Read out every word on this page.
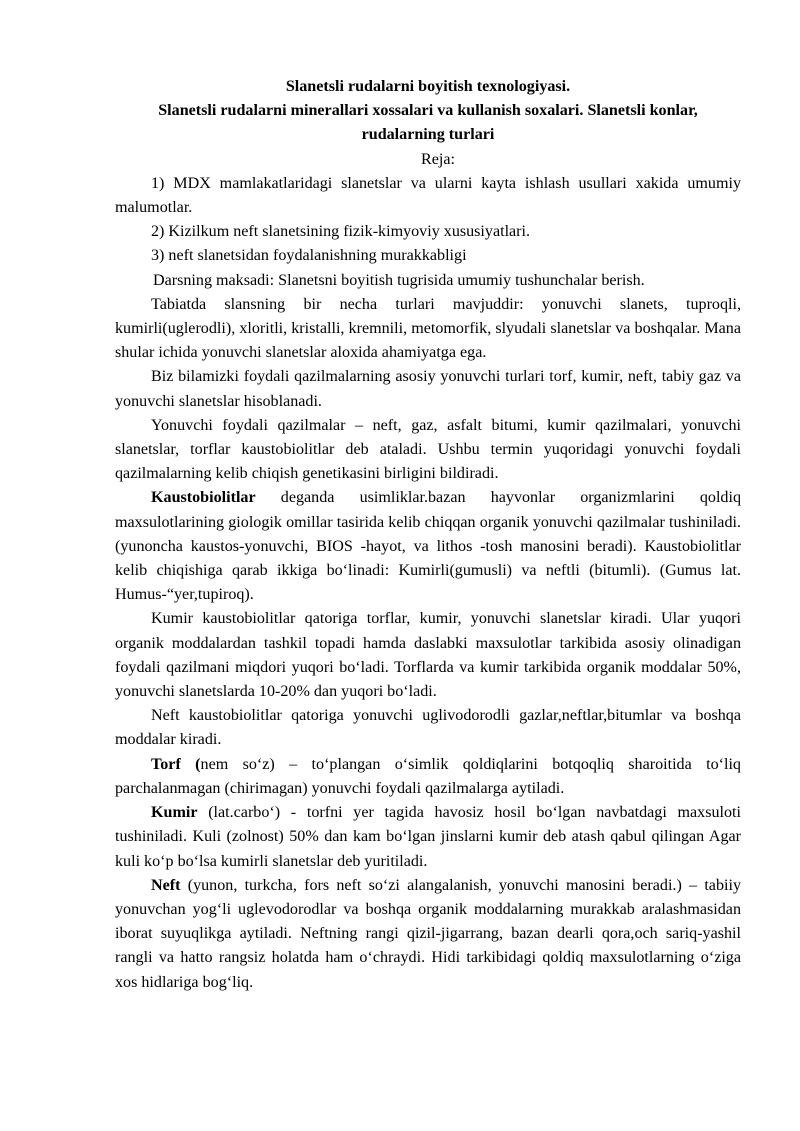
Slanetsli rudalarni boyitish texnologiyasi.
Slanetsli rudalarni minerallari xossalari va kullanish soxalari. Slanetsli konlar, rudalarning turlari

Reja:

1) MDX mamlakatlaridagi slanetslar va ularni kayta ishlash usullari xakida umumiy malumotlar.

2) Kizilkum neft slanetsining fizik-kimyoviy xususiyatlari.

3) neft slanetsidan foydalanishning murakkabligi

Darsning maksadi: Slanetsni boyitish tugrisida umumiy tushunchalar berish.

Tabiatda slansning bir necha turlari mavjuddir: yonuvchi slanets, tuproqli, kumirli(uglerodli), xloritli, kristalli, kremnili, metomorfik, slyudali slanetslar va boshqalar. Mana shular ichida yonuvchi slanetslar aloxida ahamiyatga ega.

Biz bilamizki foydali qazilmalarning asosiy yonuvchi turlari torf, kumir, neft, tabiy gaz va yonuvchi slanetslar hisoblanadi.

Yonuvchi foydali qazilmalar – neft, gaz, asfalt bitumi, kumir qazilmalari, yonuvchi slanetslar, torflar kaustobiolitlar deb ataladi. Ushbu termin yuqoridagi yonuvchi foydali qazilmalarning kelib chiqish genetikasini birligini bildiradi.

Kaustobiolitlar deganda usimliklar.bazan hayvonlar organizmlarini qoldiq maxsulotlarining giologik omillar tasirida kelib chiqqan organik yonuvchi qazilmalar tushiniladi.(yunoncha kaustos-yonuvchi, BIOS -hayot, va lithos -tosh manosini beradi). Kaustobiolitlar kelib chiqishiga qarab ikkiga bo‘linadi: Kumirli(gumusli) va neftli (bitumli). (Gumus lat. Humus-“yer,tupiroq).

Kumir kaustobiolitlar qatoriga torflar, kumir, yonuvchi slanetslar kiradi. Ular yuqori organik moddalardan tashkil topadi hamda daslabki maxsulotlar tarkibida asosiy olinadigan foydali qazilmani miqdori yuqori bo‘ladi. Torflarda va kumir tarkibida organik moddalar 50%, yonuvchi slanetslarda 10-20% dan yuqori bo‘ladi.

Neft kaustobiolitlar qatoriga yonuvchi uglivodorodli gazlar,neftlar,bitumlar va boshqa moddalar kiradi.

Torf (nem so‘z) – to‘plangan o‘simlik qoldiqlarini botqoqliq sharoitida to‘liq parchalanmagan (chirimagan) yonuvchi foydali qazilmalarga aytiladi.

Kumir (lat.carbo‘) - torfni yer tagida havosiz hosil bo‘lgan navbatdagi maxsuloti tushiniladi. Kuli (zolnost) 50% dan kam bo‘lgan jinslarni kumir deb atash qabul qilingan Agar kuli ko‘p bo‘lsa kumirli slanetslar deb yuritiladi.

Neft (yunon, turkcha, fors neft so‘zi alangalanish, yonuvchi manosini beradi.) – tabiiy yonuvchan yog‘li uglevodorodlar va boshqa organik moddalarning murakkab aralashmasidan iborat suyuqlikga aytiladi. Neftning rangi qizil-jigarrang, bazan dearli qora,och sariq-yashil rangli va hatto rangsiz holatda ham o‘chraydi. Hidi tarkibidagi qoldiq maxsulotlarning o‘ziga xos hidlariga bog‘liq.
